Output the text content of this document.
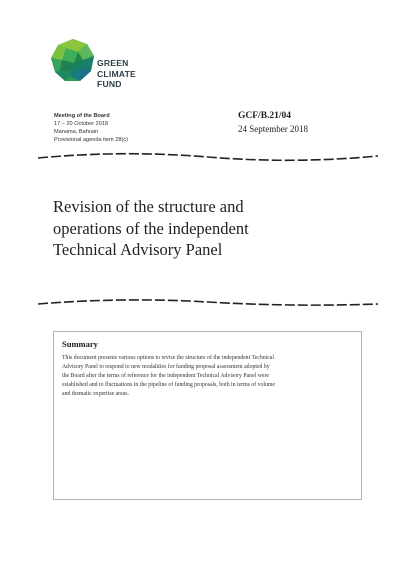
GREEN
CLIMATE
FUND
Meeting of the Board
17 – 20 October 2018
Manama, Bahrain
Provisional agenda item 28(c)
GCF/B.21/04
24 September 2018
Revision of the structure and
operations of the independent
Technical Advisory Panel
Summary
This document presents various options to revise the structure of the independent Technical
Advisory Panel to respond to new modalities for funding proposal assessment adopted by
the Board after the terms of reference for the independent Technical Advisory Panel were
established and to fluctuations in the pipeline of funding proposals, both in terms of volume
and thematic expertise areas.
